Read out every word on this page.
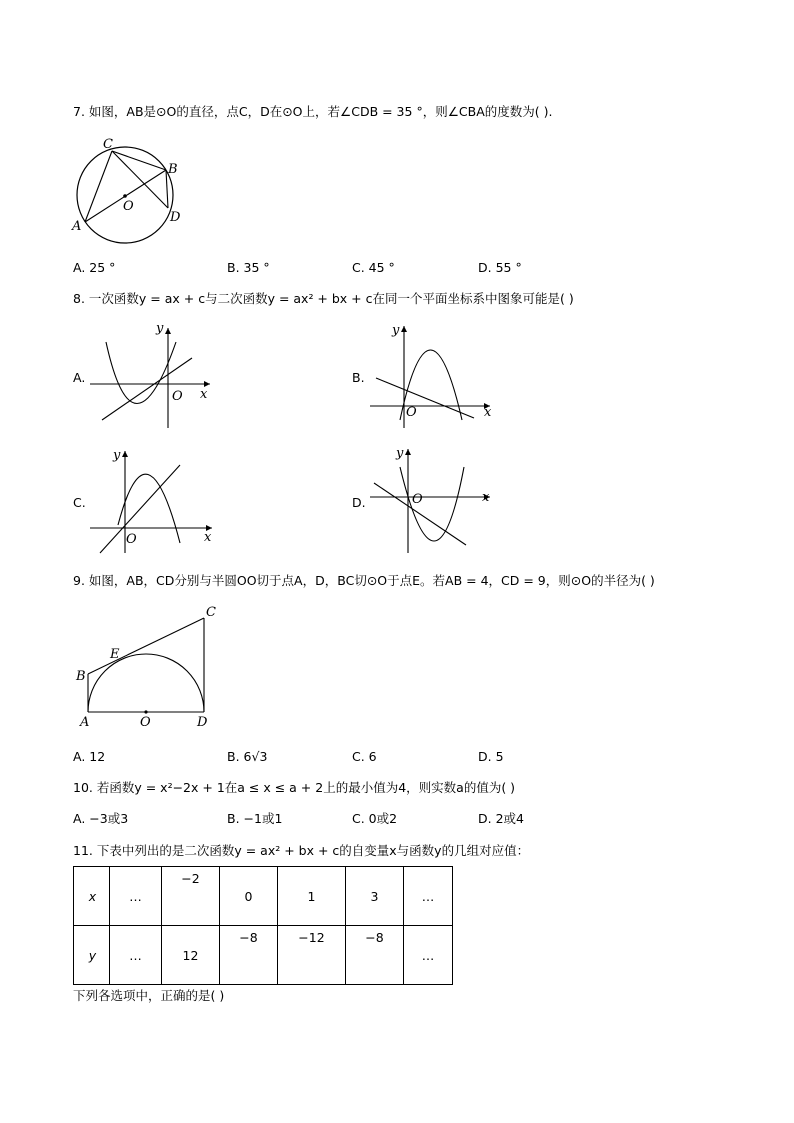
7. 如图，AB是⊙O的直径，点C，D在⊙O上，若∠CDB = 35 °，则∠CBA的度数为( ).
C
B
O
D
A
A. 25 °	B. 35 °	C. 45 °	D. 55 °
8. 一次函数y = ax + c与二次函数y = ax² + bx + c在同一个平面坐标系中图象可能是( )
A.
x
y
O
B.
x
y
O
C.
x
y
O
D.	x
y
O
9. 如图，AB，CD分别与半圆OO切于点A，D，BC切⊙O于点E。若AB = 4，CD = 9，则⊙O的半径为( )
B
E
C
A	O	D
A. 12	B. 6√3	C. 6	D. 5
10. 若函数y = x²−2x + 1在a ≤ x ≤ a + 2上的最小值为4，则实数a的值为( )
A. −3或3	B. −1或1	C. 0或2	D. 2或4
11. 下表中列出的是二次函数y = ax² + bx + c的自变量x与函数y的几组对应值：
x	…	−2	0	1	3	…
y	…	12	−8	−12	−8	…
下列各选项中，正确的是( )
